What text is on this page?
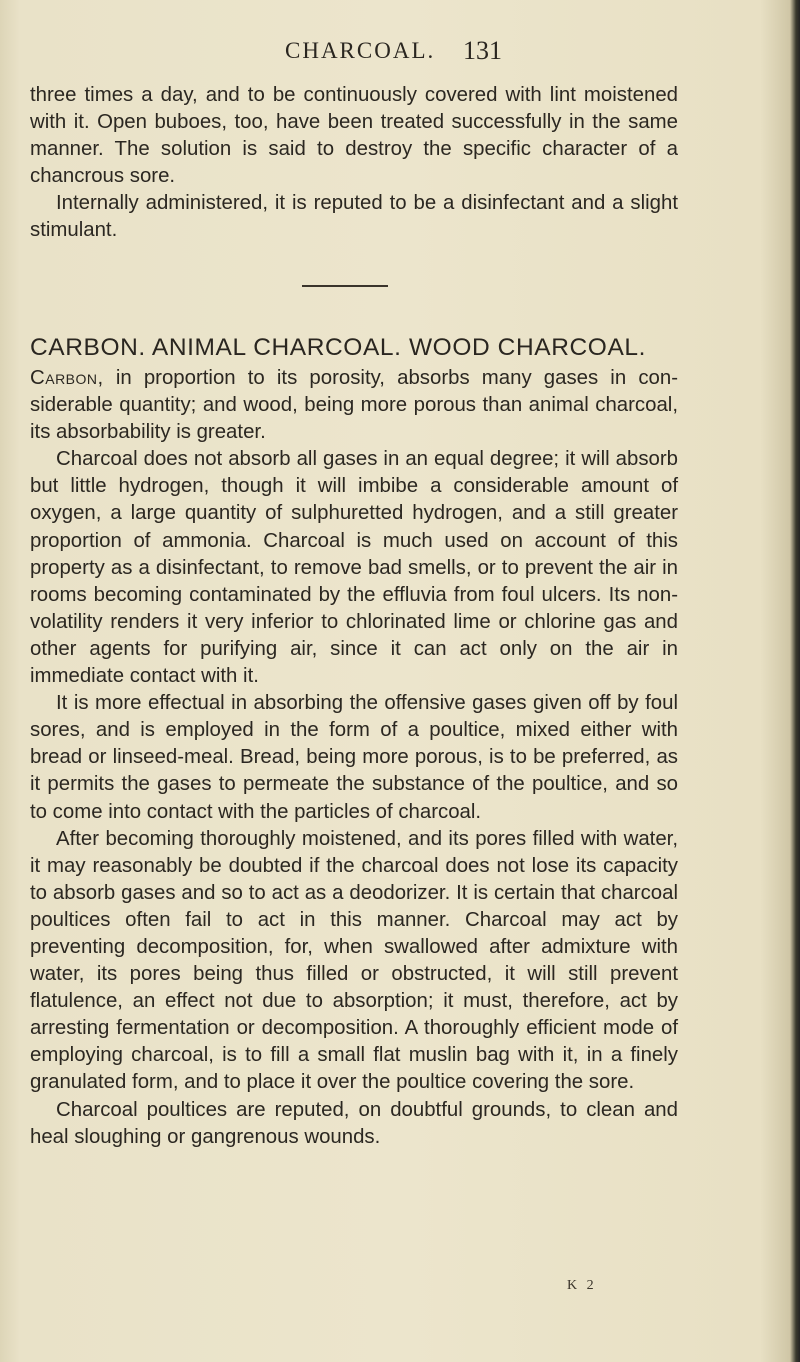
CHARCOAL. 131

three times a day, and to be continuously covered with lint moistened with it. Open buboes, too, have been treated successfully in the same manner. The solution is said to destroy the specific character of a chancrous sore.

Internally administered, it is reputed to be a disinfectant and a slight stimulant.

CARBON. ANIMAL CHARCOAL. WOOD CHARCOAL.

Carbon, in proportion to its porosity, absorbs many gases in considerable quantity; and wood, being more porous than animal charcoal, its absorbability is greater.

Charcoal does not absorb all gases in an equal degree; it will absorb but little hydrogen, though it will imbibe a considerable amount of oxygen, a large quantity of sulphuretted hydrogen, and a still greater proportion of ammonia. Charcoal is much used on account of this property as a disinfectant, to remove bad smells, or to prevent the air in rooms becoming contaminated by the effluvia from foul ulcers. Its non-volatility renders it very inferior to chlorinated lime or chlorine gas and other agents for purifying air, since it can act only on the air in immediate contact with it.

It is more effectual in absorbing the offensive gases given off by foul sores, and is employed in the form of a poultice, mixed either with bread or linseed-meal. Bread, being more porous, is to be preferred, as it permits the gases to permeate the substance of the poultice, and so to come into contact with the particles of charcoal.

After becoming thoroughly moistened, and its pores filled with water, it may reasonably be doubted if the charcoal does not lose its capacity to absorb gases and so to act as a deodorizer. It is certain that charcoal poultices often fail to act in this manner. Charcoal may act by preventing decomposition, for, when swallowed after admixture with water, its pores being thus filled or obstructed, it will still prevent flatulence, an effect not due to absorption; it must, therefore, act by arresting fermentation or decomposition. A thoroughly efficient mode of employing charcoal, is to fill a small flat muslin bag with it, in a finely granulated form, and to place it over the poultice covering the sore.

Charcoal poultices are reputed, on doubtful grounds, to clean and heal sloughing or gangrenous wounds.

K 2
